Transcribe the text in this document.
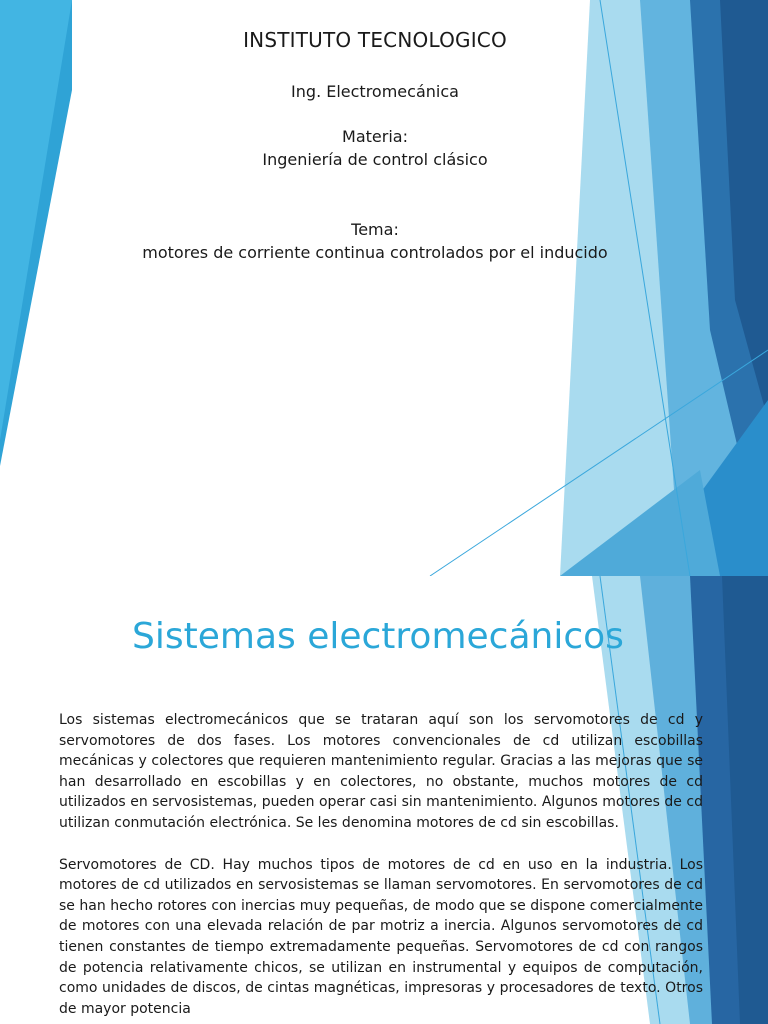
INSTITUTO TECNOLOGICO
Ing. Electromecánica
Materia:
Ingeniería de control clásico
Tema:
motores de corriente continua controlados por el inducido
Sistemas electromecánicos

Los sistemas electromecánicos que se trataran aquí son los servomotores de cd y servomotores de dos fases. Los motores convencionales de cd utilizan escobillas mecánicas y colectores que requieren mantenimiento regular. Gracias a las mejoras que se han desarrollado en escobillas y en colectores, no obstante, muchos motores de cd utilizados en servosistemas, pueden operar casi sin mantenimiento. Algunos motores de cd utilizan conmutación electrónica. Se les denomina motores de cd sin escobillas.

Servomotores de CD. Hay muchos tipos de motores de cd en uso en la industria. Los motores de cd utilizados en servosistemas se llaman servomotores. En servomotores de cd se han hecho rotores con inercias muy pequeñas, de modo que se dispone comercialmente de motores con una elevada relación de par motriz a inercia. Algunos servomotores de cd tienen constantes de tiempo extremadamente pequeñas. Servomotores de cd con rangos de potencia relativamente chicos, se utilizan en instrumental y equipos de computación, como unidades de discos, de cintas magnéticas, impresoras y procesadores de texto. Otros de mayor potencia
